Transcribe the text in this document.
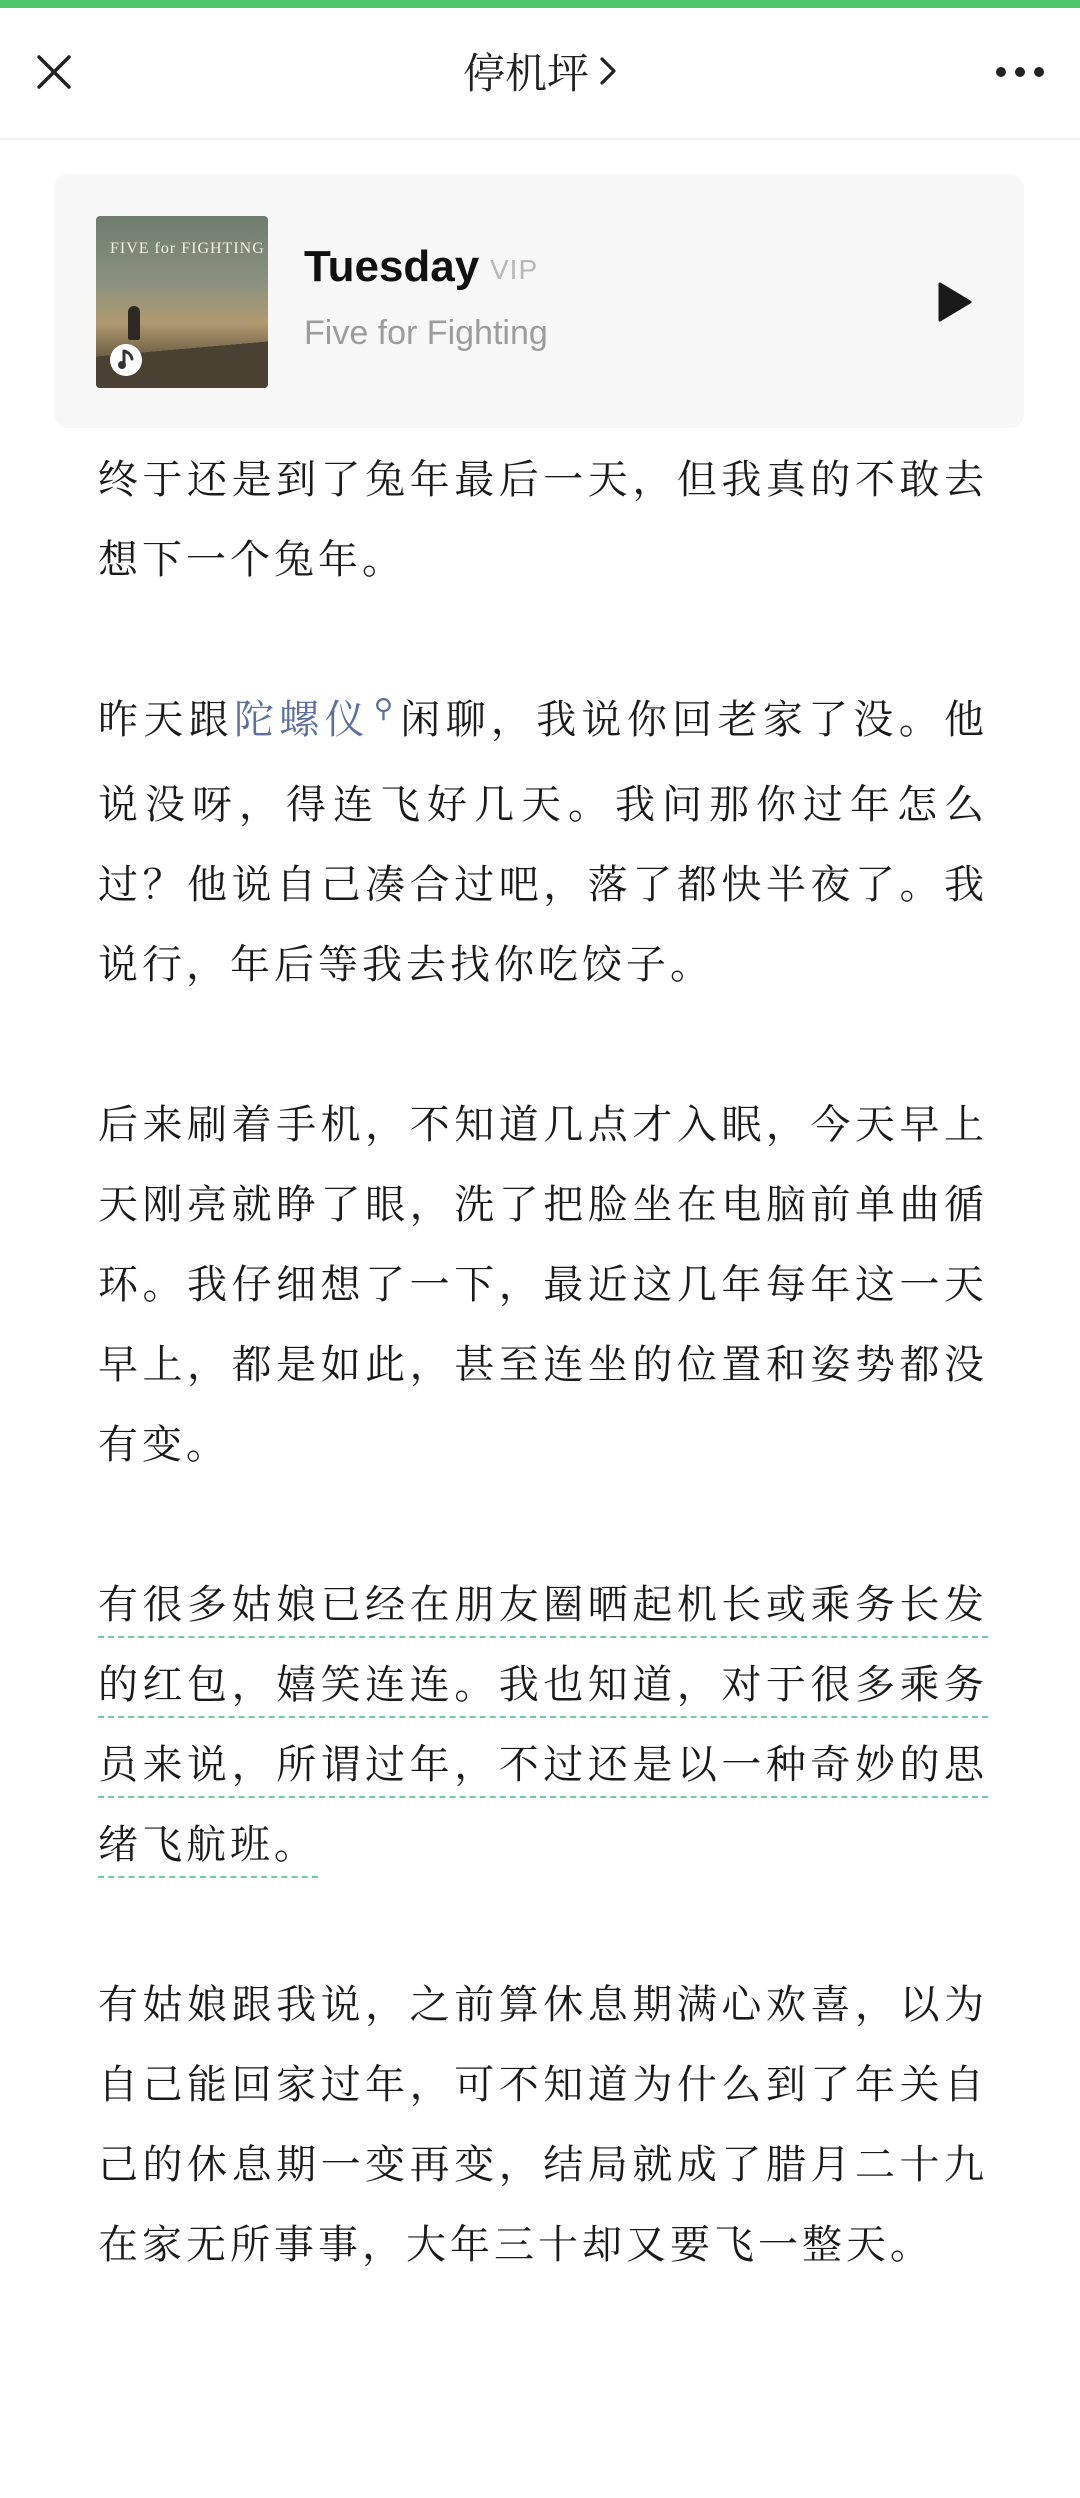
停机坪
FIVE for FIGHTING Tuesday VIP
Five for Fighting

终于还是到了兔年最后一天，但我真的不敢去想下一个兔年。

昨天跟陀螺仪 ⚲闲聊，我说你回老家了没。他说没呀，得连飞好几天。我问那你过年怎么过？他说自己凑合过吧，落了都快半夜了。我说行，年后等我去找你吃饺子。

后来刷着手机，不知道几点才入眠，今天早上天刚亮就睁了眼，洗了把脸坐在电脑前单曲循环。我仔细想了一下，最近这几年每年这一天早上，都是如此，甚至连坐的位置和姿势都没有变。

有很多姑娘已经在朋友圈晒起机长或乘务长发的红包，嬉笑连连。我也知道，对于很多乘务员来说，所谓过年，不过还是以一种奇妙的思绪飞航班。

有姑娘跟我说，之前算休息期满心欢喜，以为自己能回家过年，可不知道为什么到了年关自己的休息期一变再变，结局就成了腊月二十九在家无所事事，大年三十却又要飞一整天。
